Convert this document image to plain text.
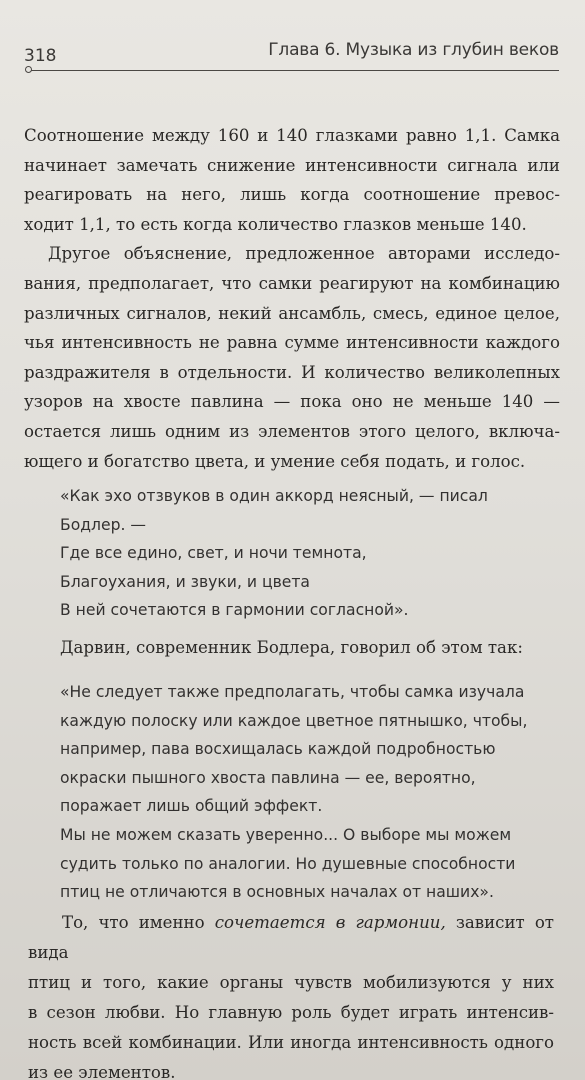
318	Глава 6. Музыка из глубин веков

Соотношение между 160 и 140 глазками равно 1,1. Самка начинает замечать снижение интенсивности сигнала или реагировать на него, лишь когда соотношение превос-

ходит 1,1, то есть когда количество глазков меньше 140.

Другое объяснение, предложенное авторами исследо-

вания, предполагает, что самки реагируют на комбинацию различных сигналов, некий ансамбль, смесь, единое целое, чья интенсивность не равна сумме интенсивности каждого раздражителя в отдельности. И количество великолепных узоров на хвосте павлина — пока оно не меньше 140 — остается лишь одним из элементов этого целого, включа-

ющего и богатство цвета, и умение себя подать, и голос.

«Как эхо отзвуков в один аккорд неясный, — писал

Бодлер. —

Где все едино, свет, и ночи темнота,

Благоухания, и звуки, и цвета

В ней сочетаются в гармонии согласной».

Дарвин, современник Бодлера, говорил об этом так:

«Не следует также предполагать, чтобы самка изучала

каждую полоску или каждое цветное пятнышко, чтобы,

например, пава восхищалась каждой подробностью

окраски пышного хвоста павлина — ее, вероятно,

поражает лишь общий эффект.

Мы не можем сказать уверенно... О выборе мы можем

судить только по аналогии. Но душевные способности

птиц не отличаются в основных началах от наших».

То, что именно сочетается в гармонии, зависит от вида

птиц и того, какие органы чувств мобилизуются у них

в сезон любви. Но главную роль будет играть интенсив-

ность всей комбинации. Или иногда интенсивность одного

из ее элементов.
